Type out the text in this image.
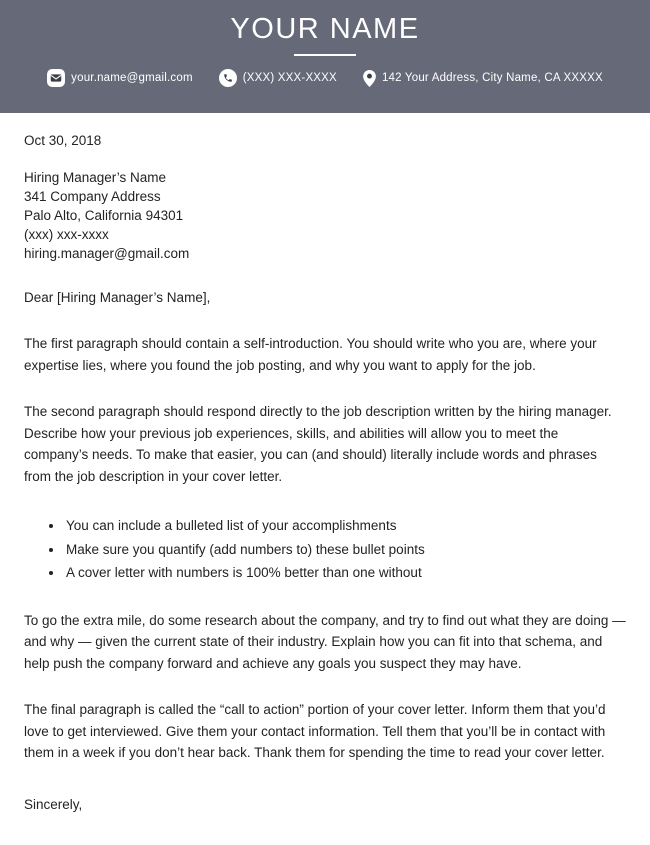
YOUR NAME
your.name@gmail.com	(XXX) XXX-XXXX	142 Your Address, City Name, CA XXXXX

Oct 30, 2018

Hiring Manager’s Name

341 Company Address

Palo Alto, California 94301

(xxx) xxx-xxxx

hiring.manager@gmail.com

Dear [Hiring Manager’s Name],

The first paragraph should contain a self-introduction. You should write who you are, where your expertise lies, where you found the job posting, and why you want to apply for the job.

The second paragraph should respond directly to the job description written by the hiring manager. Describe how your previous job experiences, skills, and abilities will allow you to meet the company’s needs. To make that easier, you can (and should) literally include words and phrases from the job description in your cover letter.

• You can include a bulleted list of your accomplishments
• Make sure you quantify (add numbers to) these bullet points
• A cover letter with numbers is 100% better than one without

To go the extra mile, do some research about the company, and try to find out what they are doing — and why — given the current state of their industry. Explain how you can fit into that schema, and help push the company forward and achieve any goals you suspect they may have.

The final paragraph is called the “call to action” portion of your cover letter. Inform them that you’d love to get interviewed. Give them your contact information. Tell them that you’ll be in contact with them in a week if you don’t hear back. Thank them for spending the time to read your cover letter.

Sincerely,
